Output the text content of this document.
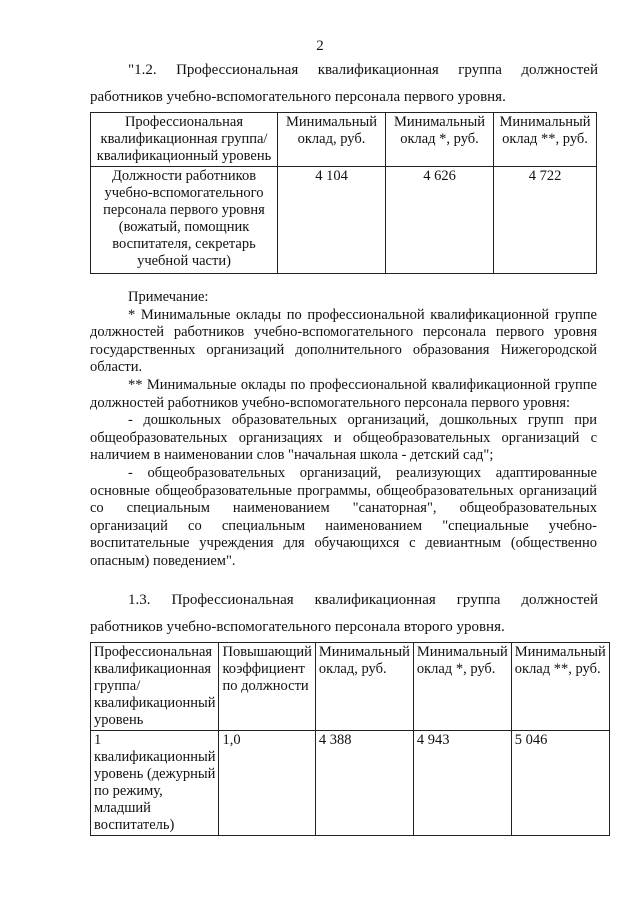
2
"1.2. Профессиональная квалификационная группа должностей
работников учебно-вспомогательного персонала первого уровня.
Профессиональная квалификационная группа/квалификационный уровень	Минимальный оклад, руб.	Минимальный оклад *, руб.	Минимальный оклад **, руб.
Должности работников учебно-вспомогательного персонала первого уровня (вожатый, помощник воспитателя, секретарь учебной части)	4 104	4 626	4 722

Примечание:

* Минимальные оклады по профессиональной квалификационной группе должностей работников учебно-вспомогательного персонала первого уровня государственных организаций дополнительного образования Нижегородской области.

** Минимальные оклады по профессиональной квалификационной группе должностей работников учебно-вспомогательного персонала первого уровня:

- дошкольных образовательных организаций, дошкольных групп при общеобразовательных организациях и общеобразовательных организаций с наличием в наименовании слов "начальная школа - детский сад";

- общеобразовательных организаций, реализующих адаптированные основные общеобразовательные программы, общеобразовательных организаций со специальным наименованием "санаторная", общеобразовательных организаций со специальным наименованием "специальные учебно-воспитательные учреждения для обучающихся с девиантным (общественно опасным) поведением".

1.3. Профессиональная квалификационная группа должностей
работников учебно-вспомогательного персонала второго уровня.
Профессиональная квалификационная группа/квалификационный уровень	Повышающий коэффициент по должности	Минимальный оклад, руб.	Минимальный оклад *, руб.	Минимальный оклад **, руб.
1 квалификационный уровень (дежурный по режиму, младший воспитатель)	1,0	4 388	4 943	5 046
